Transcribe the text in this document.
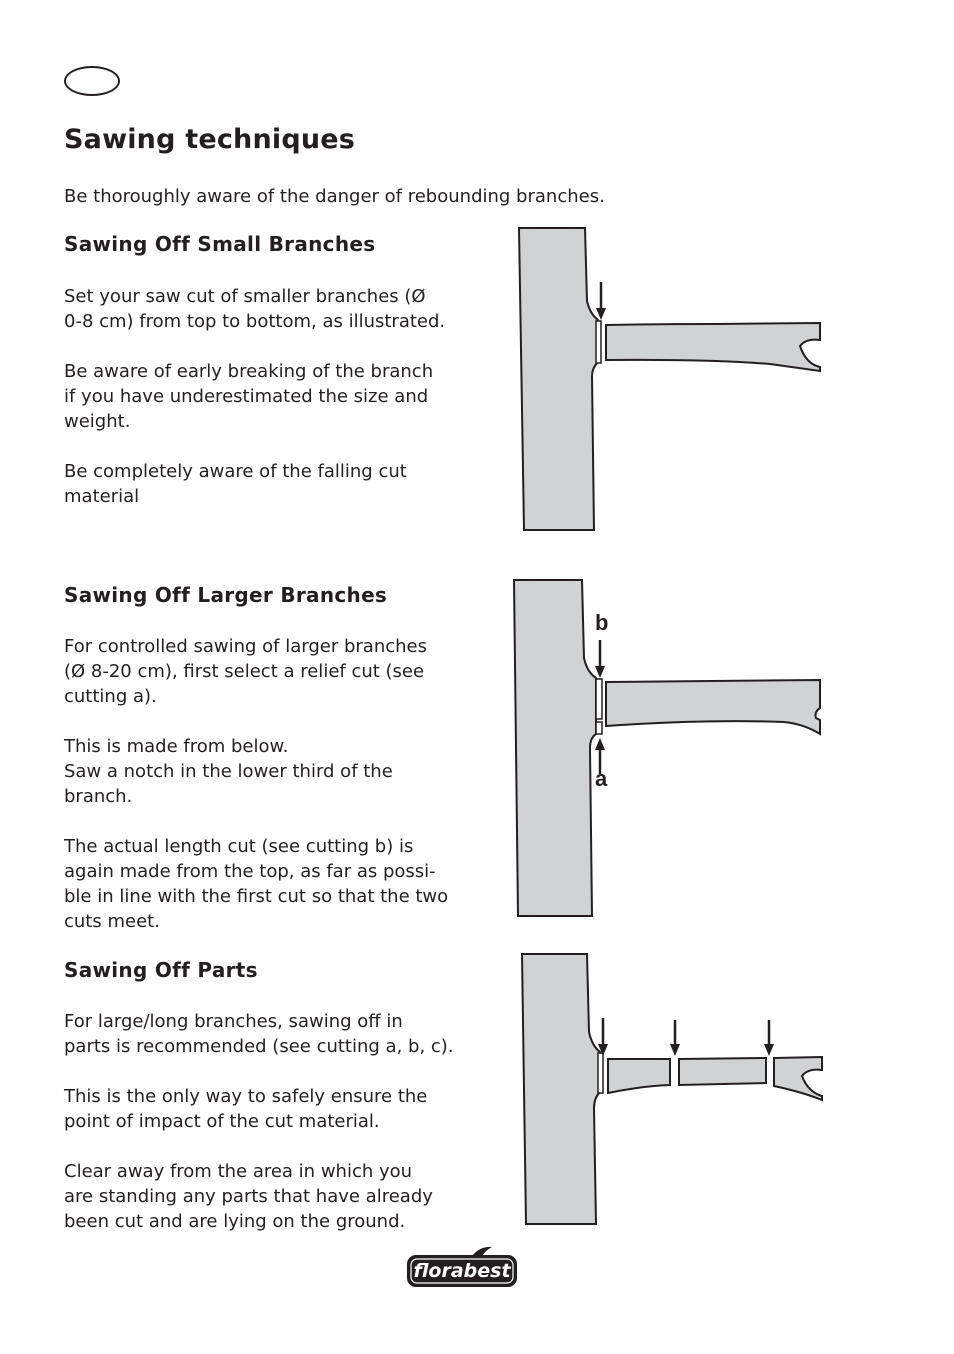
Sawing techniques

Be thoroughly aware of the danger of rebounding branches.

Sawing Off Small Branches

Set your saw cut of smaller branches (Ø
0-8 cm) from top to bottom, as illustrated.

Be aware of early breaking of the branch
if you have underestimated the size and
weight.

Be completely aware of the falling cut
material

Sawing Off Larger Branches

For controlled sawing of larger branches
(Ø 8-20 cm), first select a relief cut (see
cutting a).

This is made from below.
Saw a notch in the lower third of the
branch.

The actual length cut (see cutting b) is
again made from the top, as far as possi-
ble in line with the first cut so that the two
cuts meet.

b
a
Sawing Off Parts

For large/long branches, sawing off in
parts is recommended (see cutting a, b, c).

This is the only way to safely ensure the
point of impact of the cut material.

Clear away from the area in which you
are standing any parts that have already
been cut and are lying on the ground.

florabest
